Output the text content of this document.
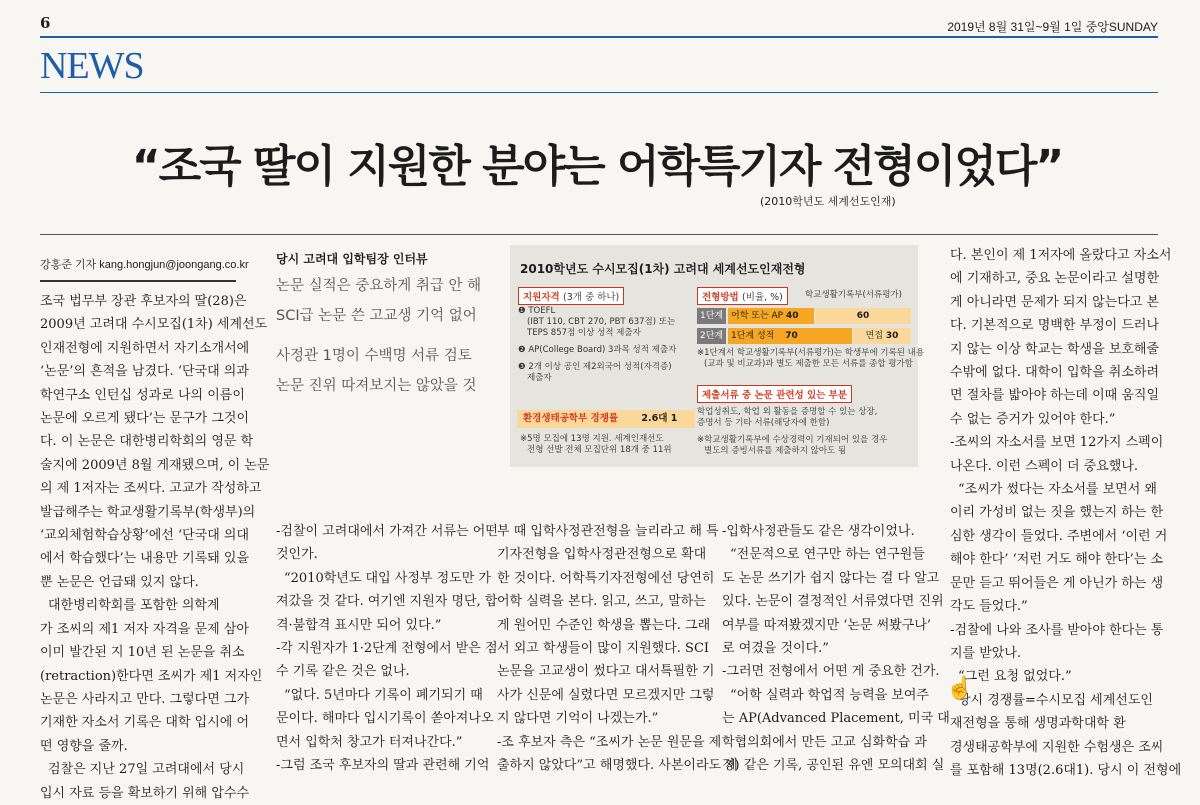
6	2019년 8월 31일~9월 1일 중앙SUNDAY
NEWS
“조국 딸이 지원한 분야는 어학특기자 전형이었다”
(2010학년도 세계선도인재)
강홍준 기자 kang.hongjun@joongang.co.kr

조국 법무부 장관 후보자의 딸(28)은

2009년 고려대 수시모집(1차) 세계선도

인재전형에 지원하면서 자기소개서에

‘논문’의 흔적을 남겼다. ‘단국대 의과

학연구소 인턴십 성과로 나의 이름이

논문에 오르게 됐다’는 문구가 그것이

다. 이 논문은 대한병리학회의 영문 학

술지에 2009년 8월 게재됐으며, 이 논문

의 제 1저자는 조씨다. 고교가 작성하고

발급해주는 학교생활기록부(학생부)의

‘교외체험학습상황’에선 ‘단국대 의대

에서 학습했다’는 내용만 기록돼 있을

뿐 논문은 언급돼 있지 않다.

대한병리학회를 포함한 의학계

가 조씨의 제1 저자 자격을 문제 삼아

이미 발간된 지 10년 된 논문을 취소

(retraction)한다면 조씨가 제1 저자인

논문은 사라지고 만다. 그렇다면 그가

기재한 자소서 기록은 대학 입시에 어

떤 영향을 줄까.

검찰은 지난 27일 고려대에서 당시

입시 자료 등을 확보하기 위해 압수수

당시 고려대 입학팀장 인터뷰
논문 실적은 중요하게 취급 안 해
SCI급 논문 쓴 고교생 기억 없어
사정관 1명이 수백명 서류 검토
논문 진위 따져보지는 않았을 것

-검찰이 고려대에서 가져간 서류는 어떤

것인가.

“2010학년도 대입 사정부 정도만 가

져갔을 것 같다. 여기엔 지원자 명단, 합

격·불합격 표시만 되어 있다.”

-각 지원자가 1·2단계 전형에서 받은 점

수 기록 같은 것은 없나.

“없다. 5년마다 기록이 폐기되기 때

문이다. 해마다 입시기록이 쏟아져나오

면서 입학처 창고가 터져나간다.”

-그럼 조국 후보자의 딸과 관련해 기억

부 때 입학사정관전형을 늘리라고 해 특

기자전형을 입학사정관전형으로 확대

한 것이다. 어학특기자전형에선 당연히

어학 실력을 본다. 읽고, 쓰고, 말하는

게 원어민 수준인 학생을 뽑는다. 그래

서 외고 학생들이 많이 지원했다. SCI

논문을 고교생이 썼다고 대서특필한 기

사가 신문에 실렸다면 모르겠지만 그렇

지 않다면 기억이 나겠는가.”

-조 후보자 측은 “조씨가 논문 원문을 제

출하지 않았다”고 해명했다. 사본이라도 제

-입학사정관들도 같은 생각이었나.

“전문적으로 연구만 하는 연구원들

도 논문 쓰기가 쉽지 않다는 걸 다 알고

있다. 논문이 결정적인 서류였다면 진위

여부를 따져봤겠지만 ‘논문 써봤구나’

로 여겼을 것이다.”

-그러면 전형에서 어떤 게 중요한 건가.

“어학 실력과 학업적 능력을 보여주

는 AP(Advanced Placement, 미국 대

학협의회에서 만든 고교 심화학습 과

정) 같은 기록, 공인된 유엔 모의대회 실

다. 본인이 제 1저자에 올랐다고 자소서

에 기재하고, 중요 논문이라고 설명한

게 아니라면 문제가 되지 않는다고 본

다. 기본적으로 명백한 부정이 드러나

지 않는 이상 학교는 학생을 보호해줄

수밖에 없다. 대학이 입학을 취소하려

면 절차를 밟아야 하는데 이때 움직일

수 없는 증거가 있어야 한다.”

-조씨의 자소서를 보면 12가지 스펙이

나온다. 이런 스펙이 더 중요했나.

“조씨가 썼다는 자소서를 보면서 왜

이리 가성비 없는 짓을 했는지 하는 한

심한 생각이 들었다. 주변에서 ‘이런 거

해야 한다’ ‘저런 거도 해야 한다’는 소

문만 듣고 뛰어들은 게 아닌가 하는 생

각도 들었다.”

-검찰에 나와 조사를 받아야 한다는 통

지를 받았나.

“그런 요청 없었다.”

당시 경쟁률=수시모집 세계선도인

재전형을 통해 생명과학대학 환

경생태공학부에 지원한 수험생은 조씨

를 포함해 13명(2.6대1). 당시 이 전형에

2010학년도 수시모집(1차) 고려대 세계선도인재전형
지원자격 (3개 중 하나)
❶ TOEFL
(IBT 110, CBT 270, PBT 637점) 또는
TEPS 857점 이상 성적 제출자
❷ AP(College Board) 3과목 성적 제출자
❸ 2개 이상 공인 제2외국어 성적(자격증)
제출자
환경생태공학부 경쟁률 2.6대 1
※5명 모집에 13명 지원. 세계인재선도
전형 선발 전체 모집단위 18개 중 11위
전형방법 (비율, %)	학교생활기록부(서류평가)
1단계 어학 또는 AP 40	60
2단계 1단계 성적 70	면접 30
※1단계서 학교생활기록부(서류평가)는 학생부에 기록된 내용
(교과 및 비교과)과 별도 제출한 모든 서류를 종합 평가함
제출서류 중 논문 관련성 있는 부분
학업성취도, 학업 외 활동을 증명할 수 있는 상장,
증명서 등 기타 서류(해당자에 한함)
※학교생활기록부에 수상경력이 기재되어 있을 경우
별도의 증빙서류를 제출하지 않아도 됨
☝
